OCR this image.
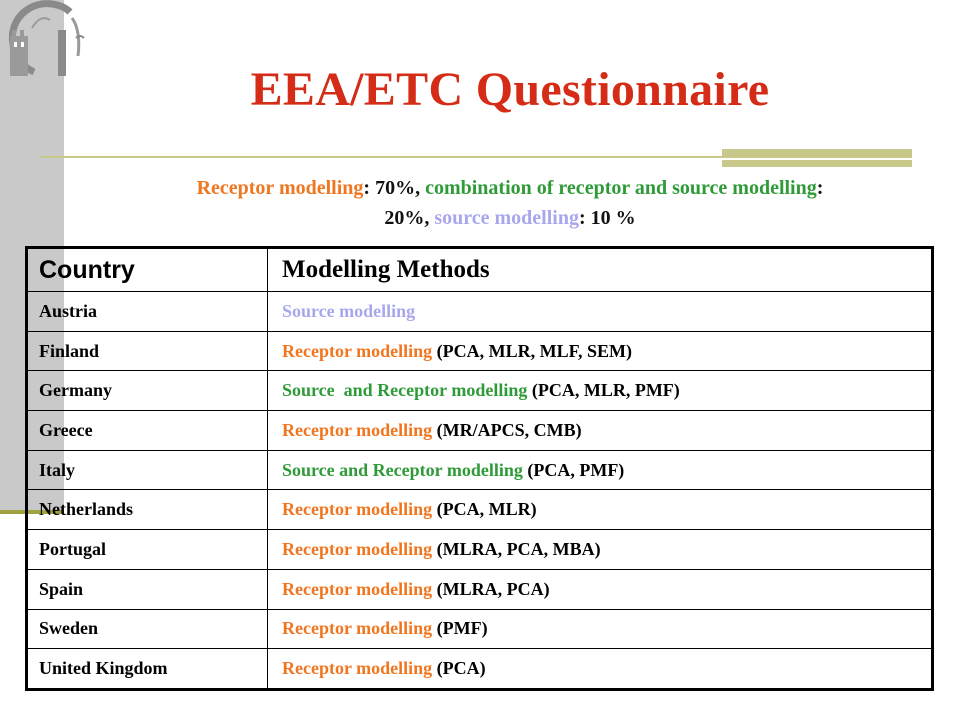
EEA/ETC Questionnaire
Receptor modelling: 70%, combination of receptor and source modelling:
20%, source modelling: 10 %
Country	Modelling Methods
Austria	Source modelling
Finland	Receptor modelling (PCA, MLR, MLF, SEM)
Germany	Source  and Receptor modelling (PCA, MLR, PMF)
Greece	Receptor modelling (MR/APCS, CMB)
Italy	Source and Receptor modelling (PCA, PMF)
Netherlands	Receptor modelling (PCA, MLR)
Portugal	Receptor modelling (MLRA, PCA, MBA)
Spain	Receptor modelling (MLRA, PCA)
Sweden	Receptor modelling (PMF)
United Kingdom	Receptor modelling (PCA)
